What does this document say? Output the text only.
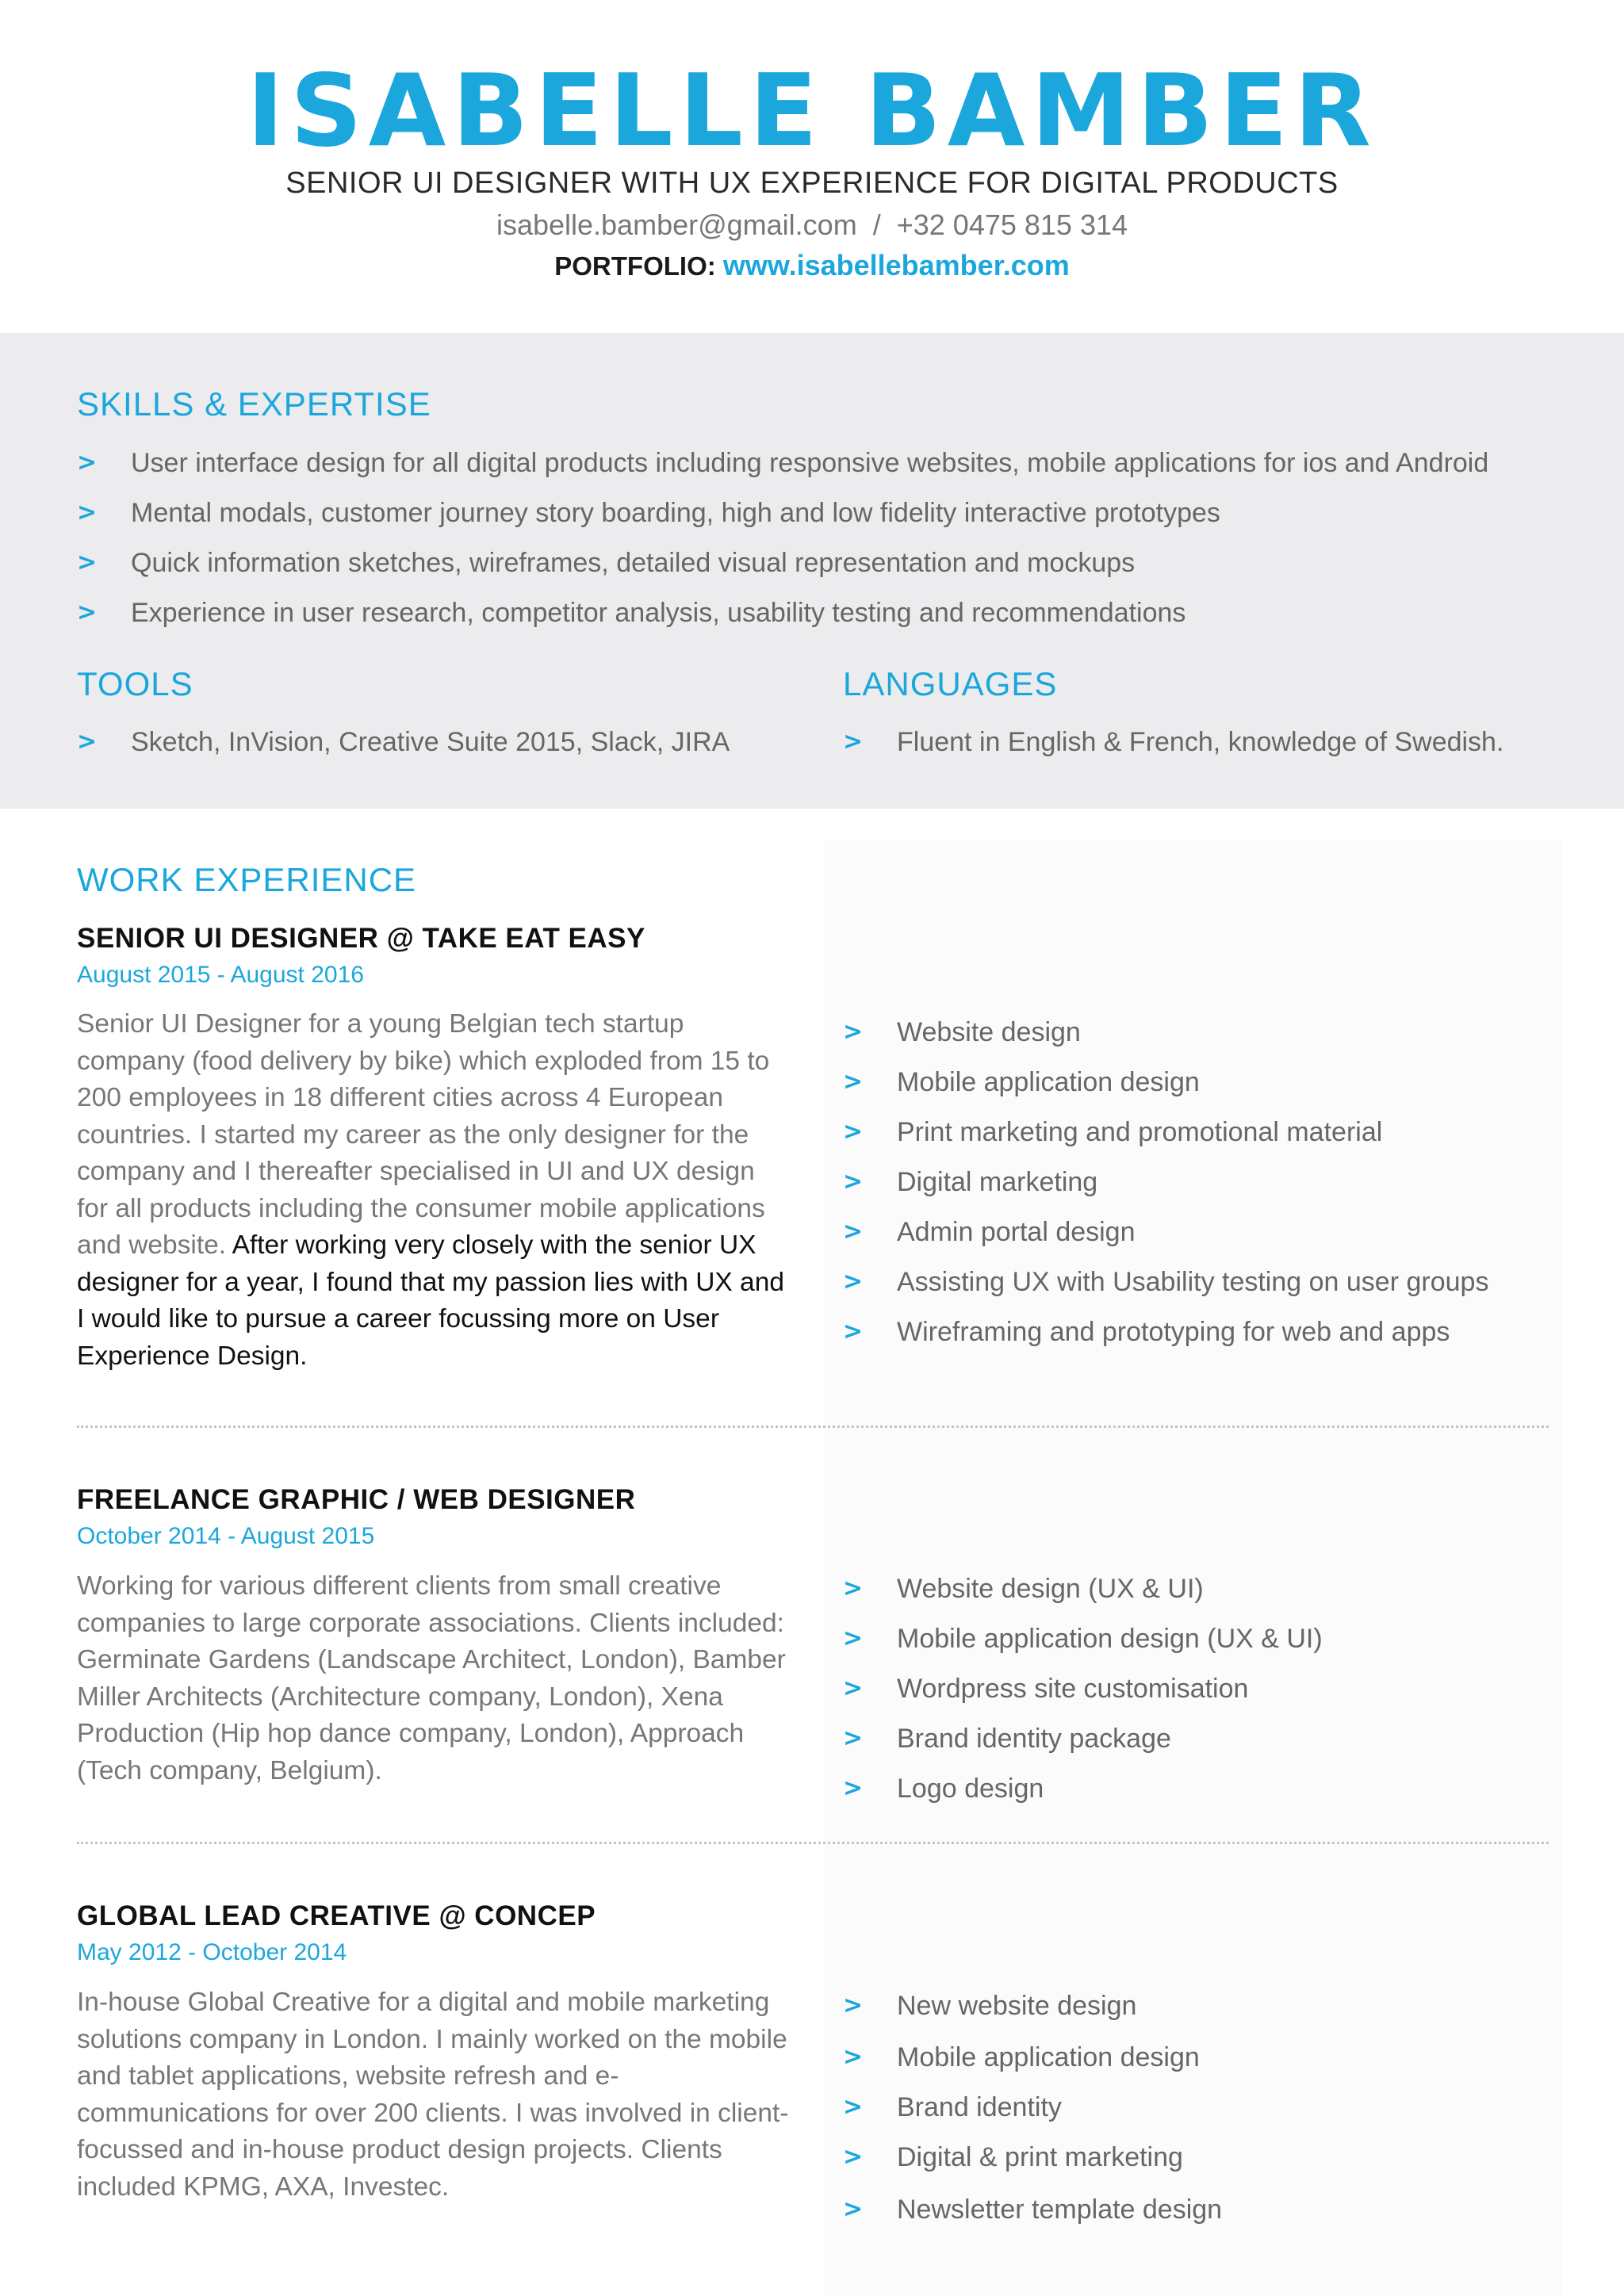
ISABELLE BAMBER
SENIOR UI DESIGNER WITH UX EXPERIENCE FOR DIGITAL PRODUCTS
isabelle.bamber@gmail.com / +32 0475 815 314
PORTFOLIO: www.isabellebamber.com
SKILLS & EXPERTISE
> User interface design for all digital products including responsive websites, mobile applications for ios and Android
> Mental modals, customer journey story boarding, high and low fidelity interactive prototypes
> Quick information sketches, wireframes, detailed visual representation and mockups
> Experience in user research, competitor analysis, usability testing and recommendations
TOOLS
> Sketch, InVision, Creative Suite 2015, Slack, JIRA
LANGUAGES
> Fluent in English & French, knowledge of Swedish.
WORK EXPERIENCE
SENIOR UI DESIGNER @ TAKE EAT EASY
August 2015 - August 2016
Senior UI Designer for a young Belgian tech startup company (food delivery by bike) which exploded from 15 to 200 employees in 18 different cities across 4 European countries. I started my career as the only designer for the company and I thereafter specialised in UI and UX design for all products including the consumer mobile applications and website. After working very closely with the senior UX designer for a year, I found that my passion lies with UX and I would like to pursue a career focussing more on User Experience Design.
> Website design
> Mobile application design
> Print marketing and promotional material
> Digital marketing
> Admin portal design
> Assisting UX with Usability testing on user groups
> Wireframing and prototyping for web and apps
FREELANCE GRAPHIC / WEB DESIGNER
October 2014 - August 2015
Working for various different clients from small creative companies to large corporate associations. Clients included: Germinate Gardens (Landscape Architect, London), Bamber Miller Architects (Architecture company, London), Xena Production (Hip hop dance company, London), Approach (Tech company, Belgium).
> Website design (UX & UI)
> Mobile application design (UX & UI)
> Wordpress site customisation
> Brand identity package
> Logo design
GLOBAL LEAD CREATIVE @ CONCEP
May 2012 - October 2014
In-house Global Creative for a digital and mobile marketing solutions company in London. I mainly worked on the mobile and tablet applications, website refresh and e-communications for over 200 clients. I was involved in client-focussed and in-house product design projects. Clients included KPMG, AXA, Investec.
> New website design
> Mobile application design
> Brand identity
> Digital & print marketing
> Newsletter template design
